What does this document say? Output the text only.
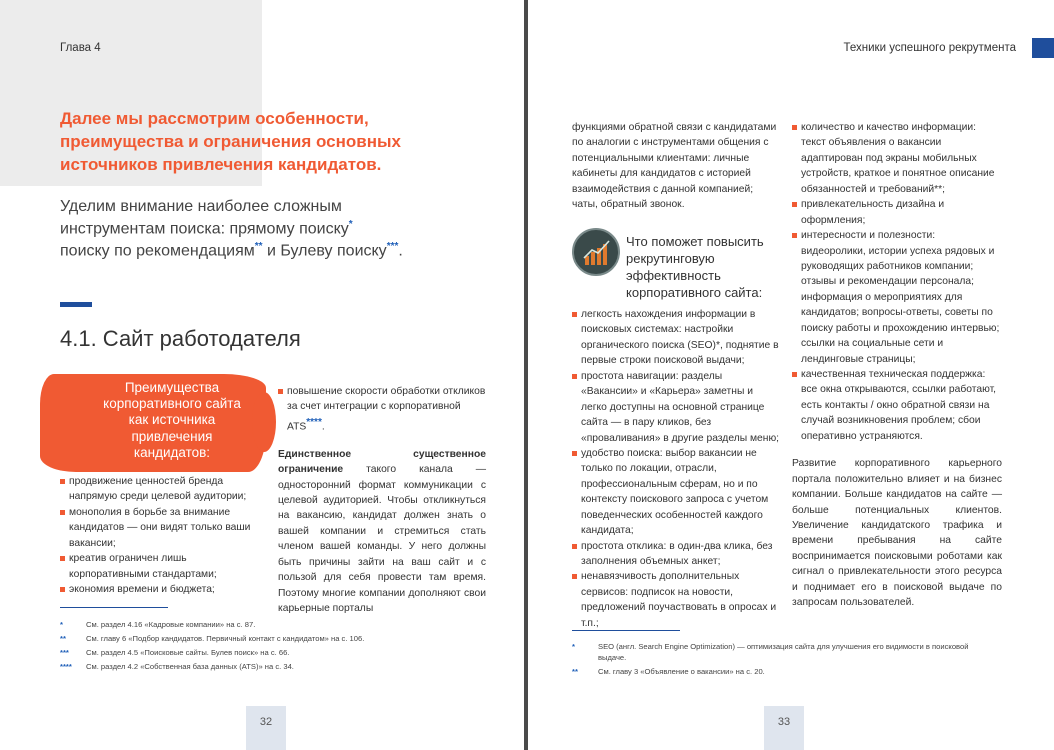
Глава 4
Далее мы рассмотрим особенности, преимущества и ограничения основных источников привлечения кандидатов.
Уделим внимание наиболее сложным
инструментам поиска: прямому поиску*
поиску по рекомендациям** и Булеву поиску***.
4.1. Сайт работодателя
Преимущества корпоративного сайта как источника привлечения кандидатов:
продвижение ценностей бренда напрямую среди целевой аудитории;
монополия в борьбе за внимание кандидатов — они видят только ваши вакансии;
креатив ограничен лишь корпоративными стандартами;
экономия времени и бюджета;
повышение скорости обработки откликов за счет интеграции с корпоративной ATS****.

Единственное существенное ограничение такого канала — односторонний формат коммуникации с целевой аудиторией. Чтобы откликнуться на вакансию, кандидат должен знать о вашей компании и стремиться стать членом вашей команды. У него должны быть причины зайти на ваш сайт и с пользой для себя провести там время. Поэтому многие компании дополняют свои карьерные порталы

*	См. раздел 4.16 «Кадровые компании» на с. 87.
**	См. главу 6 «Подбор кандидатов. Первичный контакт с кандидатом» на с. 106.
***	См. раздел 4.5 «Поисковые сайты. Булев поиск» на с. 66.
****	См. раздел 4.2 «Собственная база данных (ATS)» на с. 34.
32
Техники успешного рекрутмента

функциями обратной связи с кандидатами по аналогии с инструментами общения с потенциальными клиентами: личные кабинеты для кандидатов с историей взаимодействия с данной компанией; чаты, обратный звонок.

Что поможет повысить рекрутинговую эффективность корпоративного сайта:
легкость нахождения информации в поисковых системах: настройки органического поиска (SEO)*, поднятие в первые строки поисковой выдачи;
простота навигации: разделы «Вакансии» и «Карьера» заметны и легко доступны на основной странице сайта — в пару кликов, без «проваливания» в другие разделы меню;
удобство поиска: выбор вакансии не только по локации, отрасли, профессиональным сферам, но и по контексту поискового запроса с учетом поведенческих особенностей каждого кандидата;
простота отклика: в один-два клика, без заполнения объемных анкет;
ненавязчивость дополнительных сервисов: подписок на новости, предложений поучаствовать в опросах и т.п.;
количество и качество информации: текст объявления о вакансии адаптирован под экраны мобильных устройств, краткое и понятное описание обязанностей и требований**;
привлекательность дизайна и оформления;
интересности и полезности: видеоролики, истории успеха рядовых и руководящих работников компании; отзывы и рекомендации персонала; информация о мероприятиях для кандидатов; вопросы-ответы, советы по поиску работы и прохождению интервью; ссылки на социальные сети и лендинговые страницы;
качественная техническая поддержка: все окна открываются, ссылки работают, есть контакты / окно обратной связи на случай возникновения проблем; сбои оперативно устраняются.

Развитие корпоративного карьерного портала положительно влияет и на бизнес компании. Больше кандидатов на сайте — больше потенциальных клиентов. Увеличение кандидатского трафика и времени пребывания на сайте воспринимается поисковыми роботами как сигнал о привлекательности этого ресурса и поднимает его в поисковой выдаче по запросам пользователей.

*	SEO (англ. Search Engine Optimization) — оптимизация сайта для улучшения его видимости в поисковой выдаче.
**	См. главу 3 «Объявление о вакансии» на с. 20.
33
